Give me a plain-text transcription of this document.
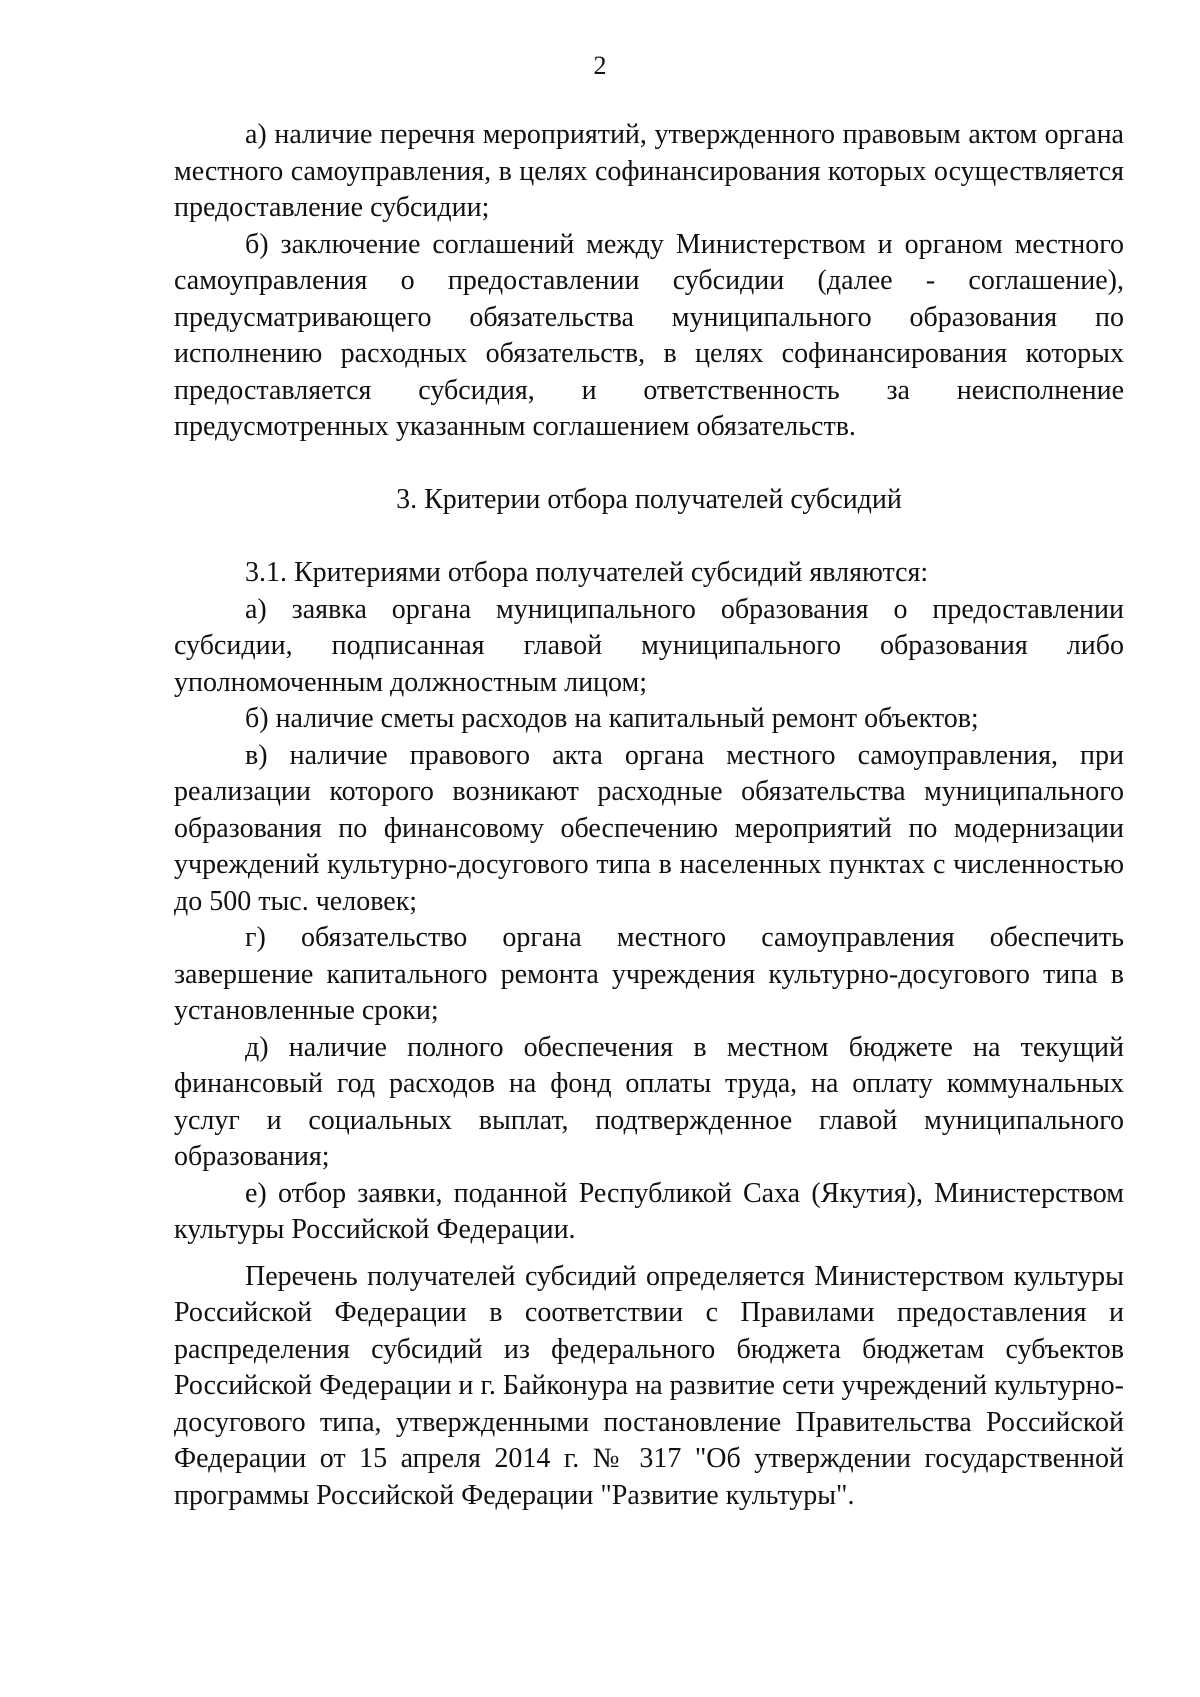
2

а) наличие перечня мероприятий, утвержденного правовым актом органа местного самоуправления, в целях софинансирования которых осуществляется предоставление субсидии;

б) заключение соглашений между Министерством и органом местного самоуправления о предоставлении субсидии (далее - соглашение), предусматривающего обязательства муниципального образования по исполнению расходных обязательств, в целях софинансирования которых предоставляется субсидия, и ответственность за неисполнение предусмотренных указанным соглашением обязательств.

3. Критерии отбора получателей субсидий

3.1. Критериями отбора получателей субсидий являются:

а) заявка органа муниципального образования о предоставлении субсидии, подписанная главой муниципального образования либо уполномоченным должностным лицом;

б) наличие сметы расходов на капитальный ремонт объектов;

в) наличие правового акта органа местного самоуправления, при реализации которого возникают расходные обязательства муниципального образования по финансовому обеспечению мероприятий по модернизации учреждений культурно-досугового типа в населенных пунктах с численностью до 500 тыс. человек;

г) обязательство органа местного самоуправления обеспечить завершение капитального ремонта учреждения культурно-досугового типа в установленные сроки;

д) наличие полного обеспечения в местном бюджете на текущий финансовый год расходов на фонд оплаты труда, на оплату коммунальных услуг и социальных выплат, подтвержденное главой муниципального образования;

е) отбор заявки, поданной Республикой Саха (Якутия), Министерством культуры Российской Федерации.

Перечень получателей субсидий определяется Министерством культуры Российской Федерации в соответствии с Правилами предоставления и распределения субсидий из федерального бюджета бюджетам субъектов Российской Федерации и г. Байконура на развитие сети учреждений культурно-досугового типа, утвержденными постановление Правительства Российской Федерации от 15 апреля 2014 г. № 317 "Об утверждении государственной программы Российской Федерации "Развитие культуры".
